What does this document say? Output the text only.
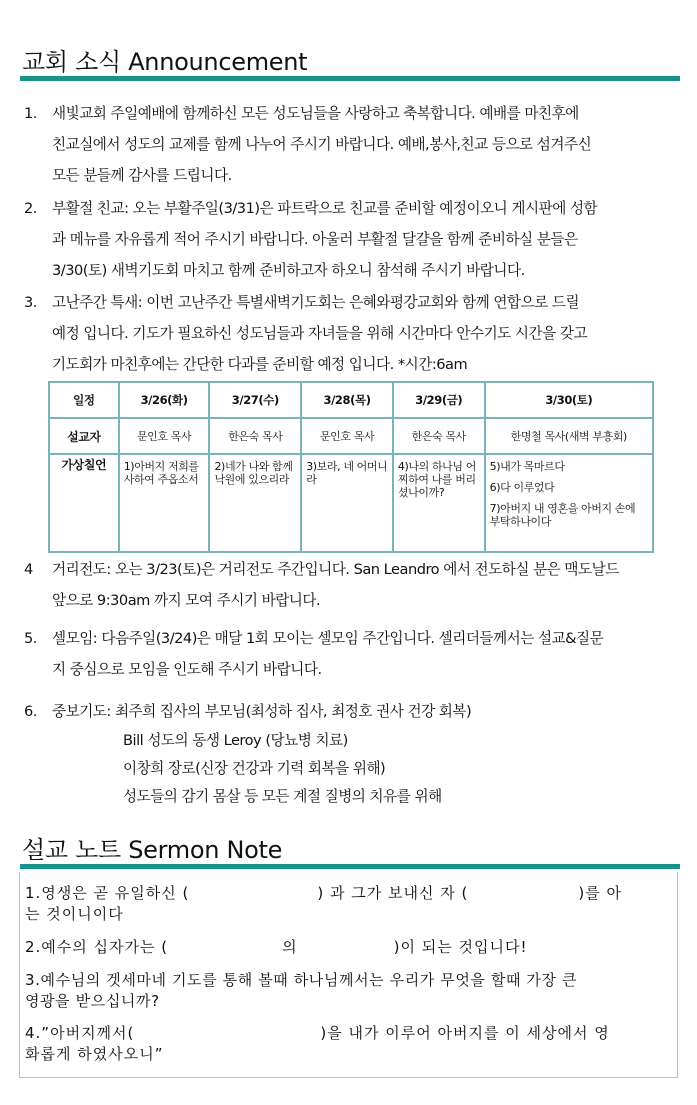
교회 소식 Announcement
1.	새빛교회 주일예배에 함께하신 모든 성도님들을 사랑하고 축복합니다. 예배를 마친후에
친교실에서 성도의 교제를 함께 나누어 주시기 바랍니다. 예배,봉사,친교 등으로 섬겨주신
모든 분들께 감사를 드립니다.
2.	부활절 친교: 오는 부활주일(3/31)은 파트락으로 친교를 준비할 예정이오니 게시판에 성함
과 메뉴를 자유롭게 적어 주시기 바랍니다. 아울러 부활절 달걀을 함께 준비하실 분들은
3/30(토) 새벽기도회 마치고 함께 준비하고자 하오니 참석해 주시기 바랍니다.
3.	고난주간 특새: 이번 고난주간 특별새벽기도회는 은혜와평강교회와 함께 연합으로 드릴
예정 입니다. 기도가 필요하신 성도님들과 자녀들을 위해 시간마다 안수기도 시간을 갖고
기도회가 마친후에는 간단한 다과를 준비할 예정 입니다. *시간:6am
일정	3/26(화)	3/27(수)	3/28(목)	3/29(금)	3/30(토)
설교자	문인호 목사	한은숙 목사	문인호 목사	한은숙 목사	한명철 목사(새벽 부흥회)

가상칠언	1)아버지 저희를 사하여 주옵소서	2)네가 나와 함께 낙원에 있으리라	3)보라, 네 어머니라	4)나의 하나님 어찌하여 나를 버리셨나이까?	5)내가 목마르다
6)다 이루었다
7)아버지 내 영혼을 아버지 손에 부탁하나이다
4	거리전도: 오는 3/23(토)은 거리전도 주간입니다. San Leandro 에서 전도하실 분은 맥도날드
앞으로 9:30am 까지 모여 주시기 바랍니다.
5.	셀모임: 다음주일(3/24)은 매달 1회 모이는 셀모임 주간입니다. 셀리더들께서는 설교&질문
지 중심으로 모임을 인도해 주시기 바랍니다.
6.	중보기도: 최주희 집사의 부모님(최성하 집사, 최정호 권사 건강 회복)
Bill 성도의 동생 Leroy (당뇨병 치료)
이창희 장로(신장 건강과 기력 회복을 위해)
성도들의 감기 몸살 등 모든 계절 질병의 치유를 위해
설교 노트 Sermon Note
1.영생은 곧 유일하신 (	) 과 그가 보내신 자 (	)를 아
는 것이니이다
2.예수의 십자가는 (	의	)이 되는 것입니다!
3.예수님의 겟세마네 기도를 통해 볼때 하나님께서는 우리가 무엇을 할때 가장 큰
영광을 받으십니까?
4.”아버지께서(	)을 내가 이루어 아버지를 이 세상에서 영
화롭게 하였사오니”
